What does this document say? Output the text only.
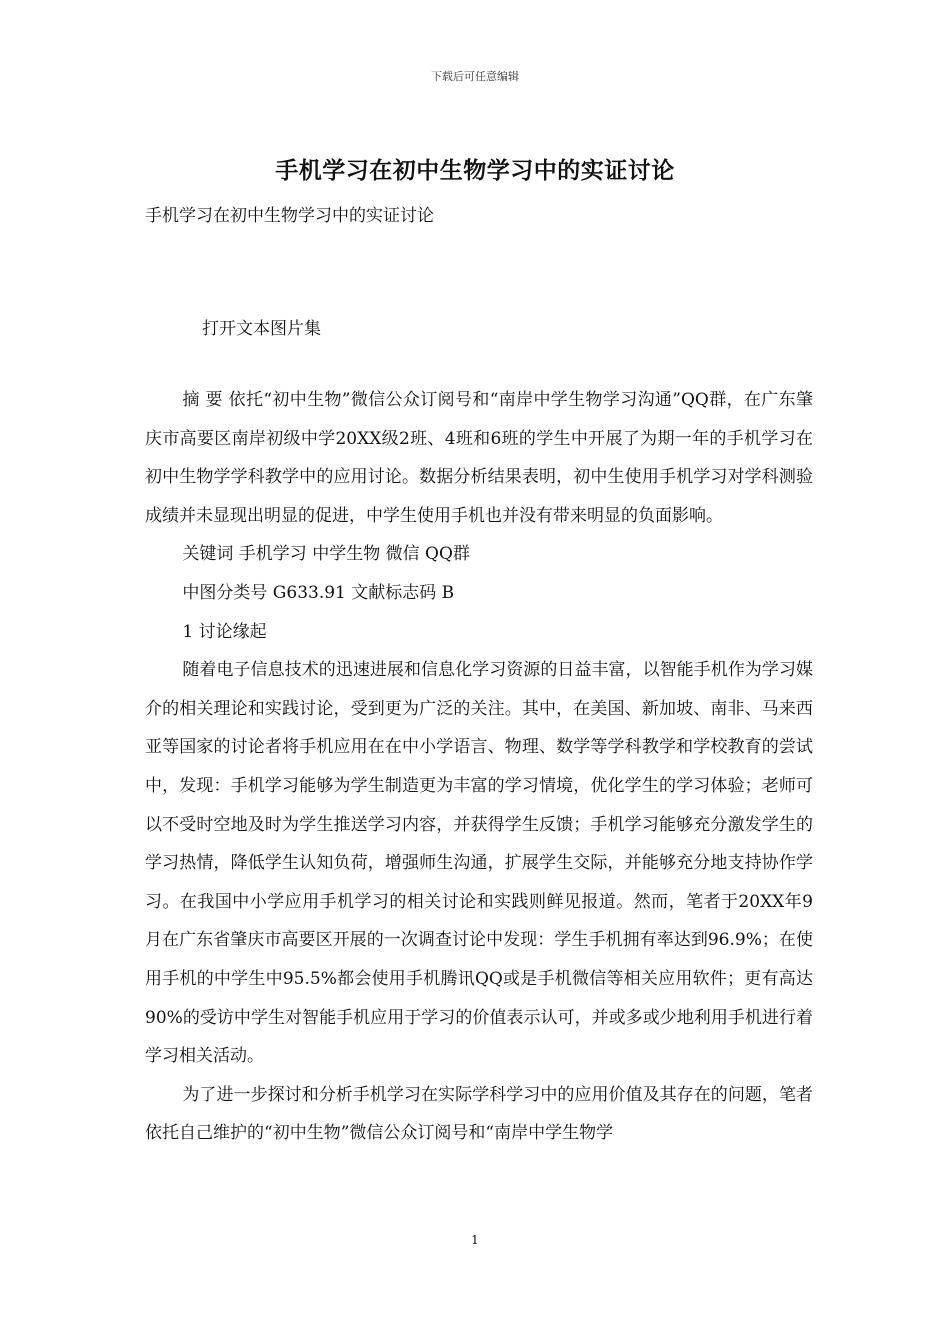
下载后可任意编辑
手机学习在初中生物学习中的实证讨论
手机学习在初中生物学习中的实证讨论
打开文本图片集

摘 要 依托“初中生物”微信公众订阅号和“南岸中学生物学习沟通”QQ群，在广东肇庆市高要区南岸初级中学20XX级2班、4班和6班的学生中开展了为期一年的手机学习在初中生物学学科教学中的应用讨论。数据分析结果表明，初中生使用手机学习对学科测验成绩并未显现出明显的促进，中学生使用手机也并没有带来明显的负面影响。

关键词 手机学习 中学生物 微信 QQ群

中图分类号 G633.91 文献标志码 B

1 讨论缘起

随着电子信息技术的迅速进展和信息化学习资源的日益丰富，以智能手机作为学习媒介的相关理论和实践讨论，受到更为广泛的关注。其中，在美国、新加坡、南非、马来西亚等国家的讨论者将手机应用在在中小学语言、物理、数学等学科教学和学校教育的尝试中，发现：手机学习能够为学生制造更为丰富的学习情境，优化学生的学习体验；老师可以不受时空地及时为学生推送学习内容，并获得学生反馈；手机学习能够充分激发学生的学习热情，降低学生认知负荷，增强师生沟通，扩展学生交际，并能够充分地支持协作学习。在我国中小学应用手机学习的相关讨论和实践则鲜见报道。然而，笔者于20XX年9月在广东省肇庆市高要区开展的一次调查讨论中发现：学生手机拥有率达到96.9%；在使用手机的中学生中95.5%都会使用手机腾讯QQ或是手机微信等相关应用软件；更有高达90%的受访中学生对智能手机应用于学习的价值表示认可，并或多或少地利用手机进行着学习相关活动。

为了进一步探讨和分析手机学习在实际学科学习中的应用价值及其存在的问题，笔者依托自己维护的“初中生物”微信公众订阅号和“南岸中学生物学

1
